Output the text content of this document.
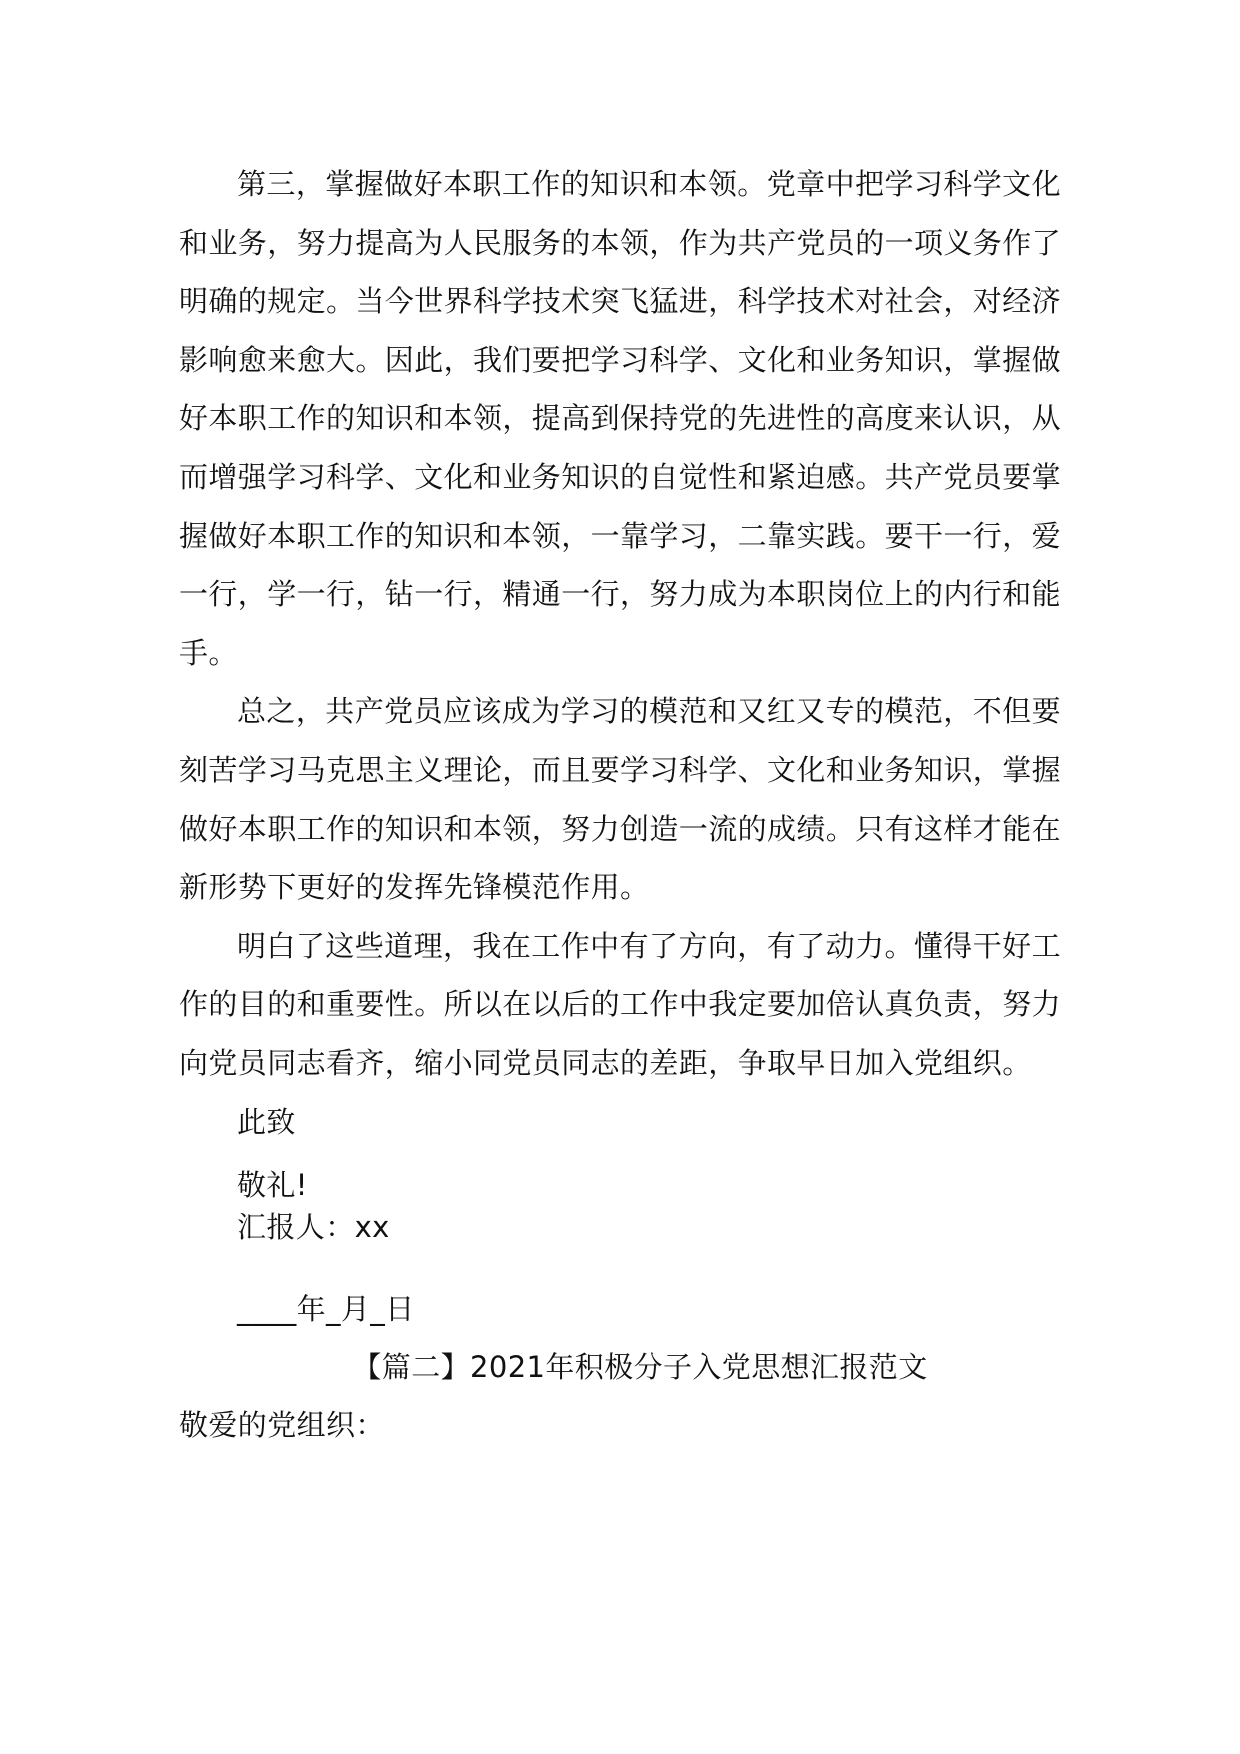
第三，掌握做好本职工作的知识和本领。党章中把学习科学文化和业务，努力提高为人民服务的本领，作为共产党员的一项义务作了明确的规定。当今世界科学技术突飞猛进，科学技术对社会，对经济影响愈来愈大。因此，我们要把学习科学、文化和业务知识，掌握做好本职工作的知识和本领，提高到保持党的先进性的高度来认识，从而增强学习科学、文化和业务知识的自觉性和紧迫感。共产党员要掌握做好本职工作的知识和本领，一靠学习，二靠实践。要干一行，爱一行，学一行，钻一行，精通一行，努力成为本职岗位上的内行和能手。

总之，共产党员应该成为学习的模范和又红又专的模范，不但要刻苦学习马克思主义理论，而且要学习科学、文化和业务知识，掌握做好本职工作的知识和本领，努力创造一流的成绩。只有这样才能在新形势下更好的发挥先锋模范作用。

明白了这些道理，我在工作中有了方向，有了动力。懂得干好工作的目的和重要性。所以在以后的工作中我定要加倍认真负责，努力向党员同志看齐，缩小同党员同志的差距，争取早日加入党组织。

此致

敬礼!

汇报人：xx

____年_月_日

【篇二】2021年积极分子入党思想汇报范文

敬爱的党组织：
